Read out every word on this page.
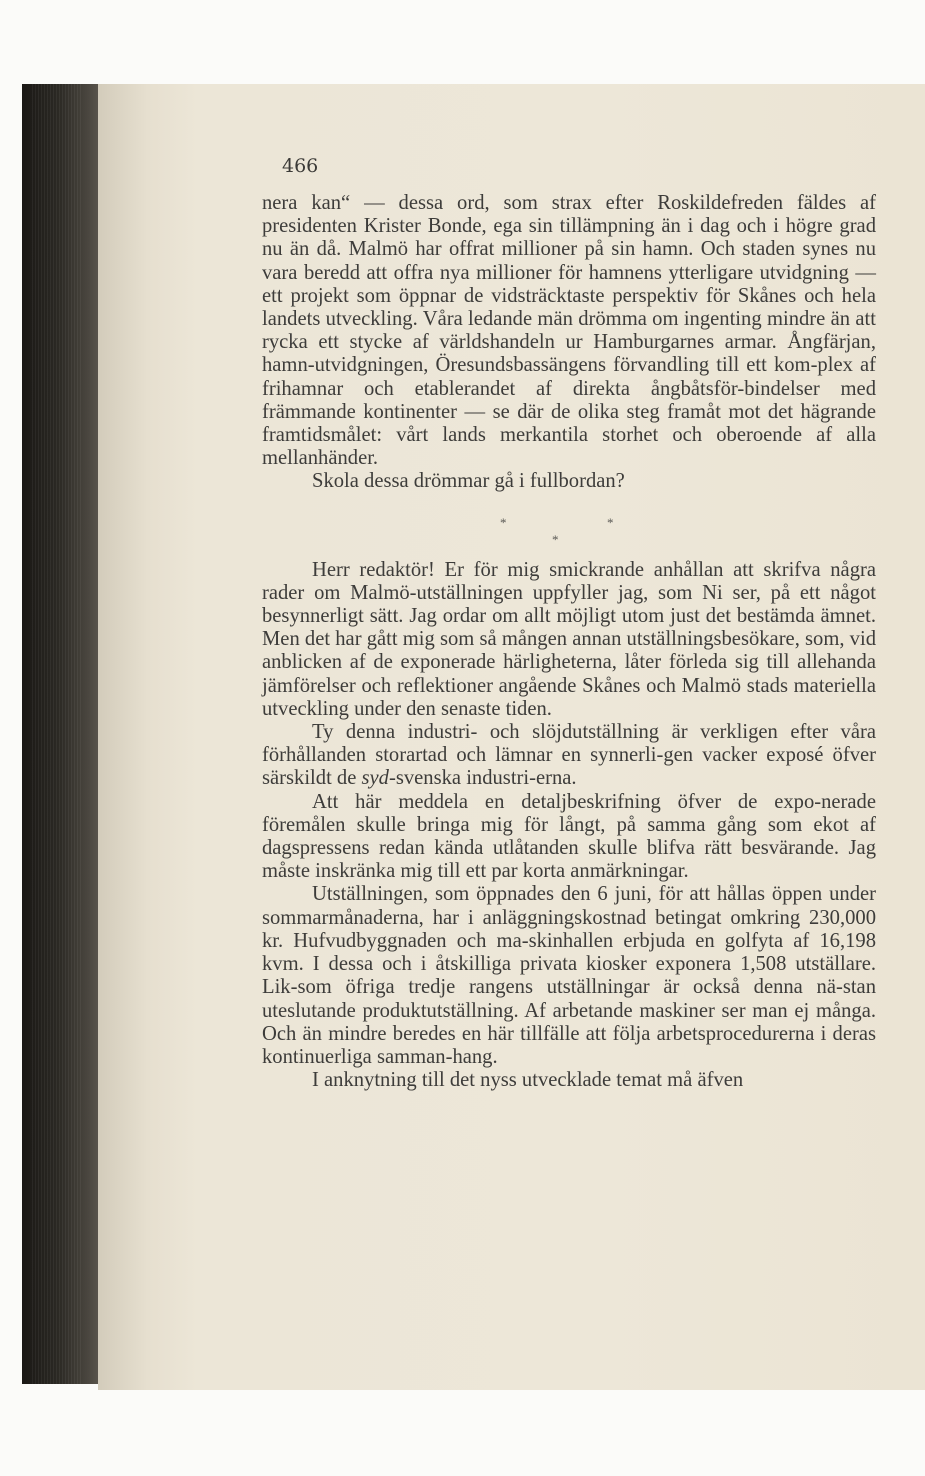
466

nera kan“ — dessa ord, som strax efter Roskildefreden fäldes af presidenten Krister Bonde, ega sin tillämpning än i dag och i högre grad nu än då. Malmö har offrat millioner på sin hamn. Och staden synes nu vara beredd att offra nya millioner för hamnens ytterligare utvidgning — ett projekt som öppnar de vidsträcktaste perspektiv för Skånes och hela landets utveckling. Våra ledande män drömma om ingenting mindre än att rycka ett stycke af världshandeln ur Hamburgarnes armar. Ångfärjan, hamn-utvidgningen, Öresundsbassängens förvandling till ett kom-plex af frihamnar och etablerandet af direkta ångbåtsför-bindelser med främmande kontinenter — se där de olika steg framåt mot det hägrande framtidsmålet: vårt lands merkantila storhet och oberoende af alla mellanhänder.

Skola dessa drömmar gå i fullbordan?

*	*
*

Herr redaktör! Er för mig smickrande anhållan att skrifva några rader om Malmö-utställningen uppfyller jag, som Ni ser, på ett något besynnerligt sätt. Jag ordar om allt möjligt utom just det bestämda ämnet. Men det har gått mig som så mången annan utställningsbesökare, som, vid anblicken af de exponerade härligheterna, låter förleda sig till allehanda jämförelser och reflektioner angående Skånes och Malmö stads materiella utveckling under den senaste tiden.

Ty denna industri- och slöjdutställning är verkligen efter våra förhållanden storartad och lämnar en synnerli-gen vacker exposé öfver särskildt de syd-svenska industri-erna.

Att här meddela en detaljbeskrifning öfver de expo-nerade föremålen skulle bringa mig för långt, på samma gång som ekot af dagspressens redan kända utlåtanden skulle blifva rätt besvärande. Jag måste inskränka mig till ett par korta anmärkningar.

Utställningen, som öppnades den 6 juni, för att hållas öppen under sommarmånaderna, har i anläggningskostnad betingat omkring 230,000 kr. Hufvudbyggnaden och ma-skinhallen erbjuda en golfyta af 16,198 kvm. I dessa och i åtskilliga privata kiosker exponera 1,508 utställare. Lik-som öfriga tredje rangens utställningar är också denna nä-stan uteslutande produktutställning. Af arbetande maskiner ser man ej många. Och än mindre beredes en här tillfälle att följa arbetsprocedurerna i deras kontinuerliga samman-hang.

I anknytning till det nyss utvecklade temat må äfven
